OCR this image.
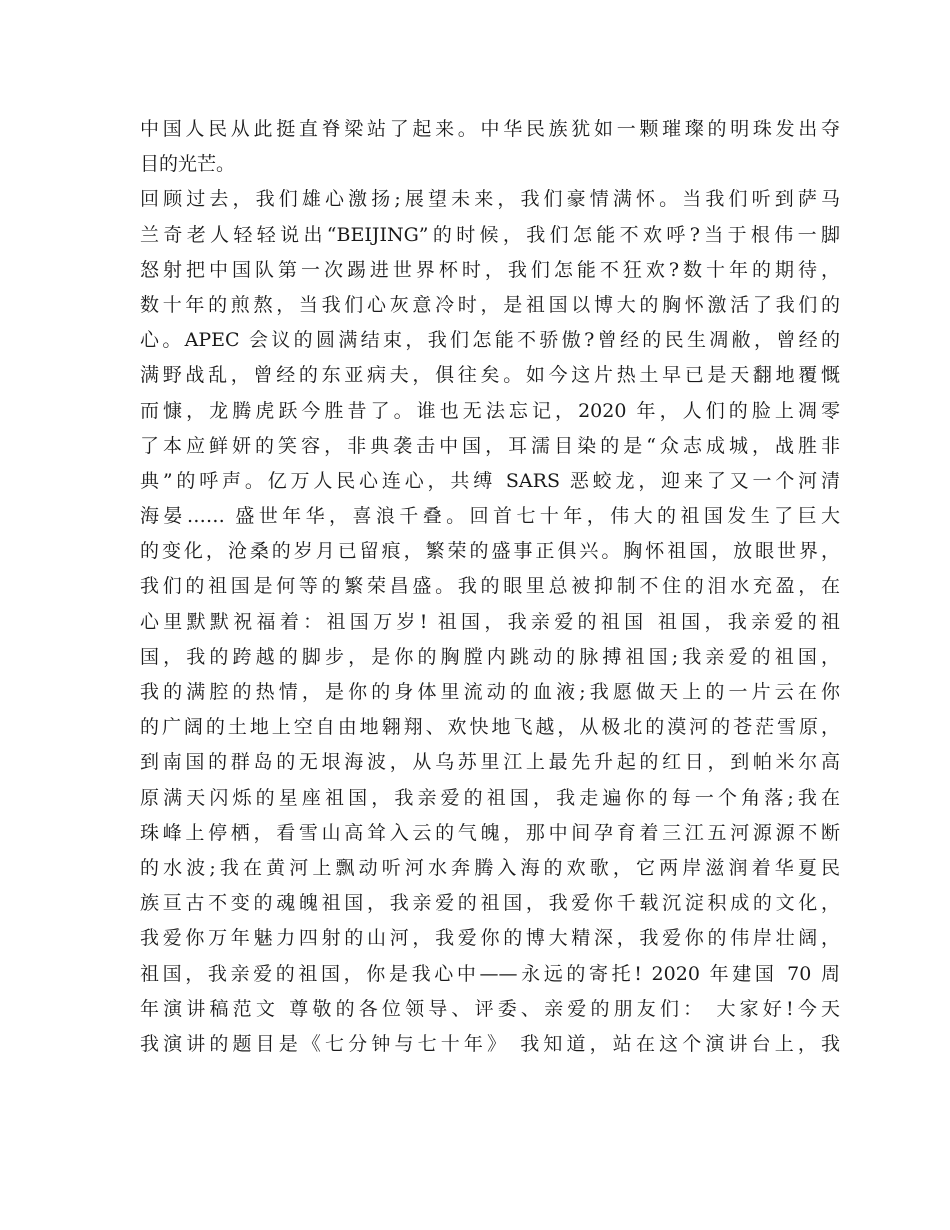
中国人民从此挺直脊梁站了起来。中华民族犹如一颗璀璨的明珠发出夺
目的光芒。
回顾过去，我们雄心激扬;展望未来，我们豪情满怀。当我们听到萨马
兰奇老人轻轻说出“BEIJING”的时候，我们怎能不欢呼?当于根伟一脚
怒射把中国队第一次踢进世界杯时，我们怎能不狂欢?数十年的期待，
数十年的煎熬，当我们心灰意冷时，是祖国以博大的胸怀激活了我们的
心。APEC 会议的圆满结束，我们怎能不骄傲?曾经的民生凋敝，曾经的
满野战乱，曾经的东亚病夫，俱往矣。如今这片热土早已是天翻地覆慨
而慷，龙腾虎跃今胜昔了。谁也无法忘记，2020 年，人们的脸上凋零
了本应鲜妍的笑容，非典袭击中国，耳濡目染的是“众志成城，战胜非
典”的呼声。亿万人民心连心，共缚 SARS 恶蛟龙，迎来了又一个河清
海晏…… 盛世年华，喜浪千叠。回首七十年，伟大的祖国发生了巨大
的变化，沧桑的岁月已留痕，繁荣的盛事正俱兴。胸怀祖国，放眼世界，
我们的祖国是何等的繁荣昌盛。我的眼里总被抑制不住的泪水充盈，在
心里默默祝福着：祖国万岁! 祖国，我亲爱的祖国 祖国，我亲爱的祖
国，我的跨越的脚步，是你的胸膛内跳动的脉搏祖国;我亲爱的祖国，
我的满腔的热情，是你的身体里流动的血液;我愿做天上的一片云在你
的广阔的土地上空自由地翱翔、欢快地飞越，从极北的漠河的苍茫雪原，
到南国的群岛的无垠海波，从乌苏里江上最先升起的红日，到帕米尔高
原满天闪烁的星座祖国，我亲爱的祖国，我走遍你的每一个角落;我在
珠峰上停栖，看雪山高耸入云的气魄，那中间孕育着三江五河源源不断
的水波;我在黄河上飘动听河水奔腾入海的欢歌，它两岸滋润着华夏民
族亘古不变的魂魄祖国，我亲爱的祖国，我爱你千载沉淀积成的文化，
我爱你万年魅力四射的山河，我爱你的博大精深，我爱你的伟岸壮阔，
祖国，我亲爱的祖国，你是我心中——永远的寄托! 2020 年建国 70 周
年演讲稿范文 尊敬的各位领导、评委、亲爱的朋友们： 大家好!今天
我演讲的题目是《七分钟与七十年》 我知道，站在这个演讲台上，我
